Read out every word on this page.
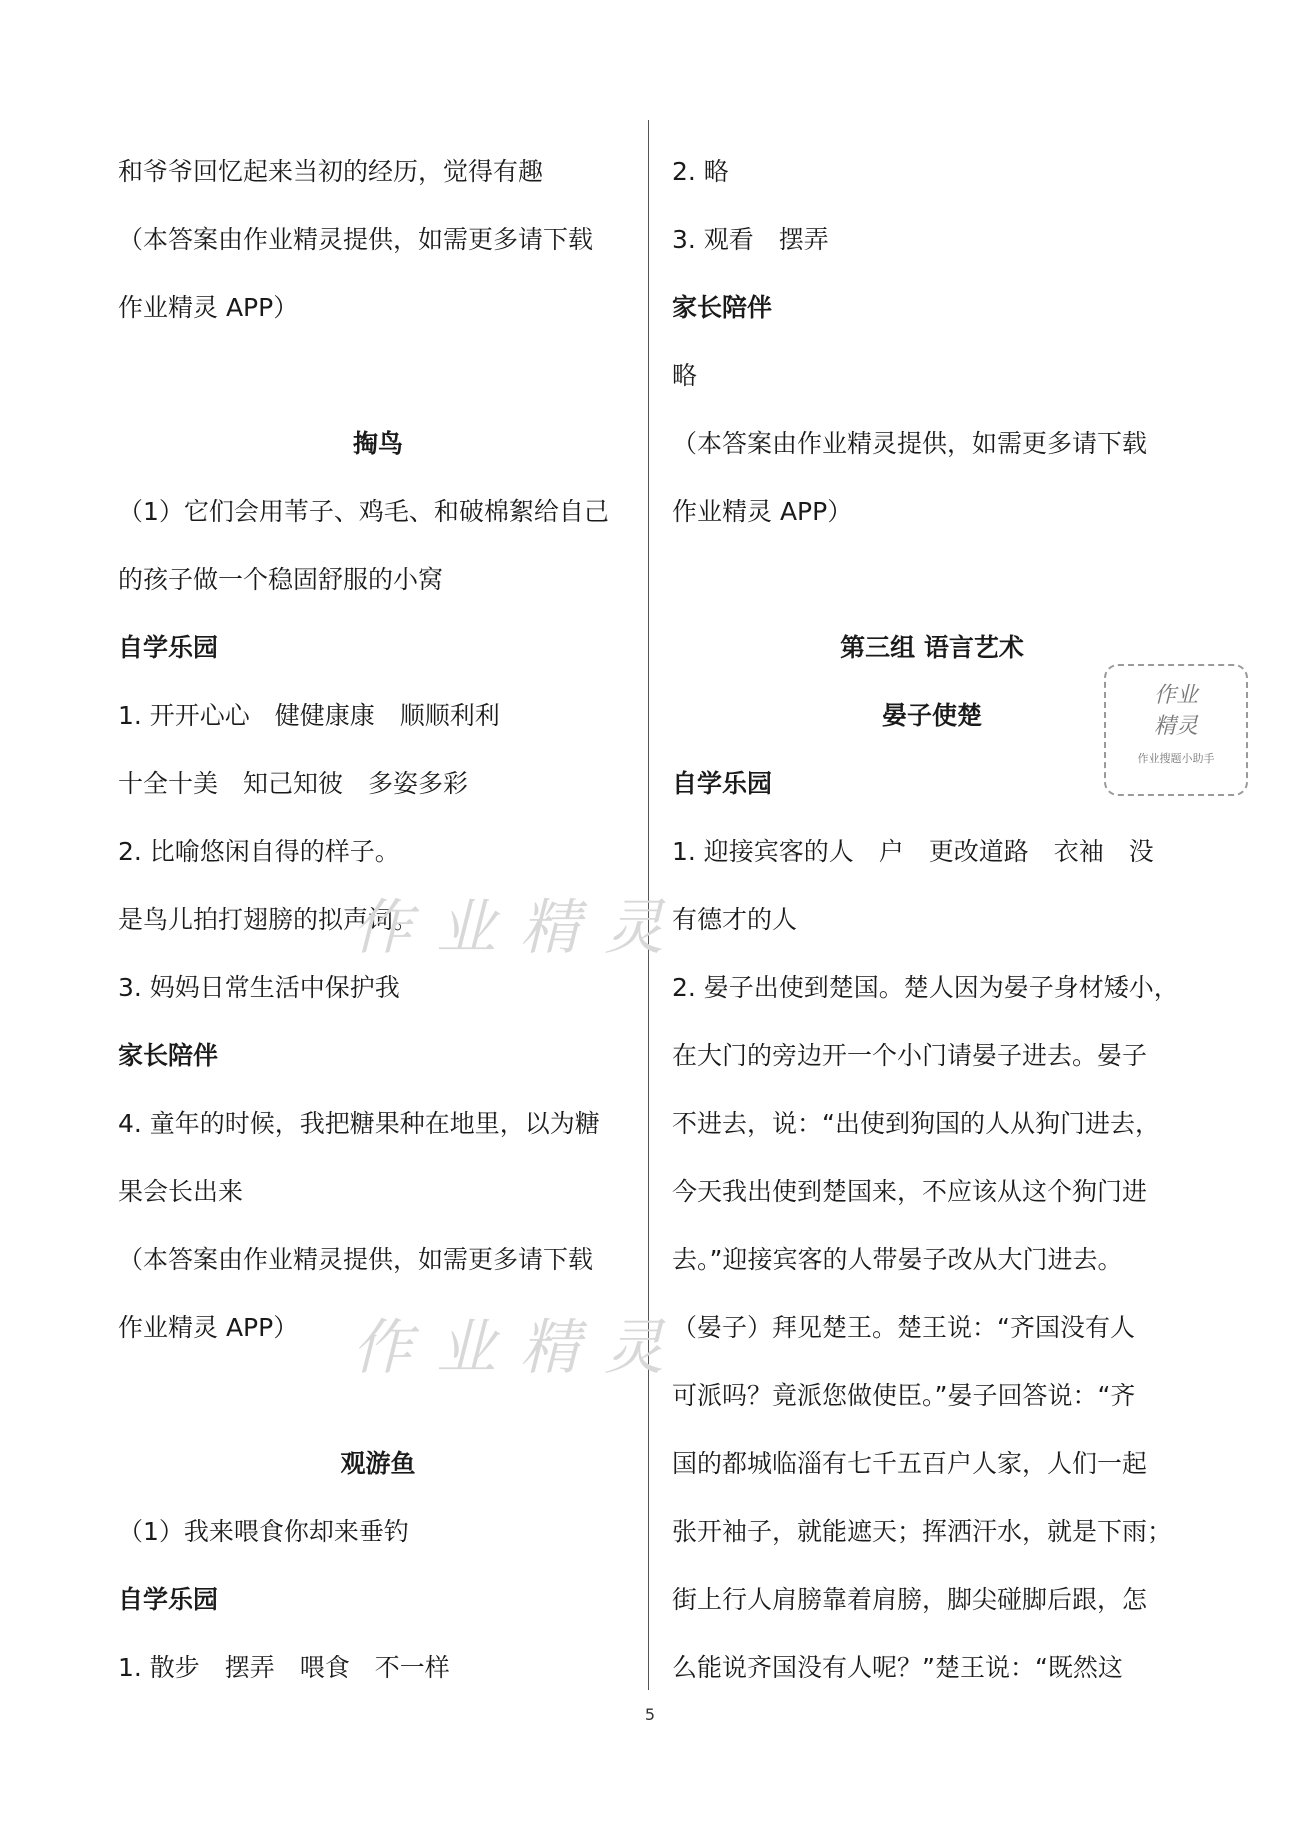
和爷爷回忆起来当初的经历，觉得有趣
（本答案由作业精灵提供，如需更多请下载
作业精灵 APP）
掏鸟
（1）它们会用苇子、鸡毛、和破棉絮给自己
的孩子做一个稳固舒服的小窝
自学乐园
1. 开开心心　健健康康　顺顺利利
十全十美　知己知彼　多姿多彩
2. 比喻悠闲自得的样子。
是鸟儿拍打翅膀的拟声词。
3. 妈妈日常生活中保护我
家长陪伴
4. 童年的时候，我把糖果种在地里，以为糖
果会长出来
（本答案由作业精灵提供，如需更多请下载
作业精灵 APP）
观游鱼
（1）我来喂食你却来垂钓
自学乐园
1. 散步　摆弄　喂食　不一样
2. 略
3. 观看　摆弄
家长陪伴
略
（本答案由作业精灵提供，如需更多请下载
作业精灵 APP）
第三组 语言艺术
晏子使楚
自学乐园
1. 迎接宾客的人　户　更改道路　衣袖　没
有德才的人
2. 晏子出使到楚国。楚人因为晏子身材矮小，
在大门的旁边开一个小门请晏子进去。晏子
不进去，说：“出使到狗国的人从狗门进去，
今天我出使到楚国来，不应该从这个狗门进
去。”迎接宾客的人带晏子改从大门进去。
（晏子）拜见楚王。楚王说：“齐国没有人
可派吗？竟派您做使臣。”晏子回答说：“齐
国的都城临淄有七千五百户人家，人们一起
张开袖子，就能遮天；挥洒汗水，就是下雨；
街上行人肩膀靠着肩膀，脚尖碰脚后跟，怎
么能说齐国没有人呢？”楚王说：“既然这
作业精灵
作业精灵
作业
精灵
作业搜题小助手
5
